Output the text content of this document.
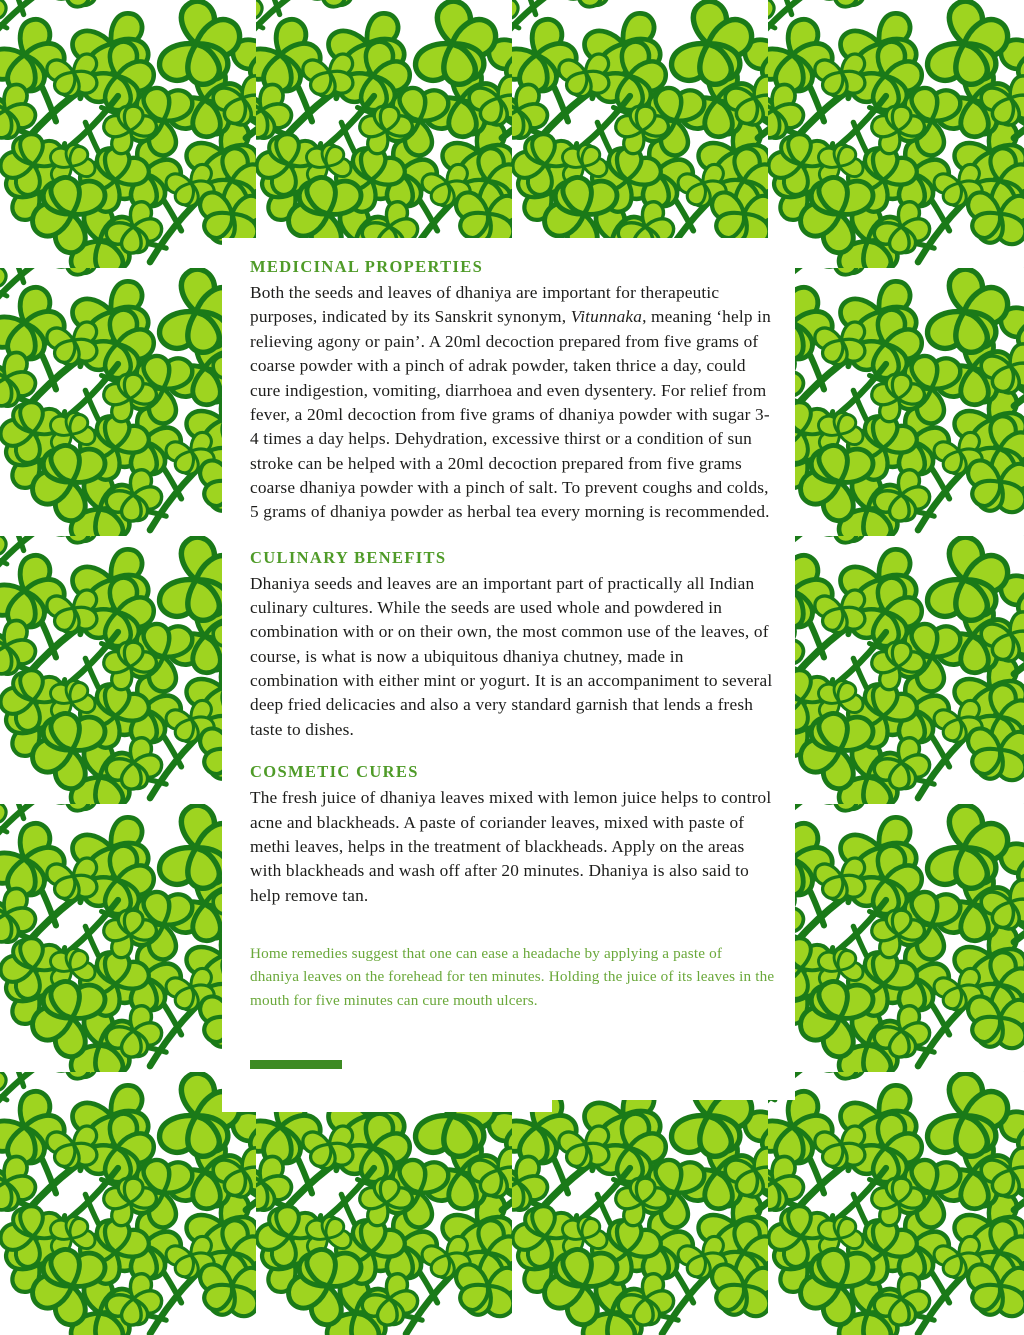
MEDICINAL PROPERTIES

Both the seeds and leaves of dhaniya are important for therapeutic purposes, indicated by its Sanskrit synonym, Vitunnaka, meaning ‘help in relieving agony or pain’. A 20ml decoction prepared from five grams of coarse powder with a pinch of adrak powder, taken thrice a day, could cure indigestion, vomiting, diarrhoea and even dysentery. For relief from fever, a 20ml decoction from five grams of dhaniya powder with sugar 3-4 times a day helps. Dehydration, excessive thirst or a condition of sun stroke can be helped with a 20ml decoction prepared from five grams coarse dhaniya powder with a pinch of salt. To prevent coughs and colds, 5 grams of dhaniya powder as herbal tea every morning is recommended.

CULINARY BENEFITS

Dhaniya seeds and leaves are an important part of practically all Indian culinary cultures. While the seeds are used whole and powdered in combination with or on their own, the most common use of the leaves, of course, is what is now a ubiquitous dhaniya chutney, made in combination with either mint or yogurt. It is an accompaniment to several deep fried delicacies and also a very standard garnish that lends a fresh taste to dishes.

COSMETIC CURES

The fresh juice of dhaniya leaves mixed with lemon juice helps to control acne and blackheads. A paste of coriander leaves, mixed with paste of methi leaves, helps in the treatment of blackheads. Apply on the areas with blackheads and wash off after 20 minutes. Dhaniya is also said to help remove tan.

Home remedies suggest that one can ease a headache by applying a paste of dhaniya leaves on the forehead for ten minutes. Holding the juice of its leaves in the mouth for five minutes can cure mouth ulcers.
